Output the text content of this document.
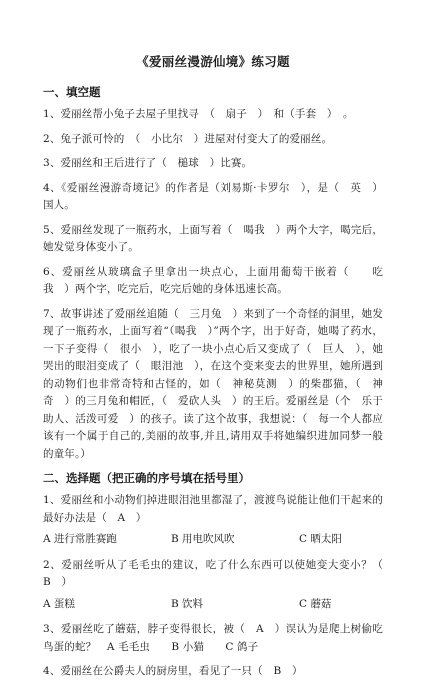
《爱丽丝漫游仙境》练习题
一、填空题
1、爱丽丝帮小兔子去屋子里找寻　（　扇子　）　和（手套　）　。
2、兔子派可怜的　（　小比尔　）进屋对付变大了的爱丽丝。
3、爱丽丝和王后进行了（　槌球　）比赛。
4、《爱丽丝漫游奇境记》的作者是（刘易斯·卡罗尔　），是（　英　）国人。
5、爱丽丝发现了一瓶药水，上面写着（　喝我　）两个大字，喝完后，她发觉身体变小了。
6、爱丽丝从玻璃盒子里拿出一块点心，上面用葡萄干嵌着（　　吃我　）两个字，吃完后，吃完后她的身体迅速长高。
7、故事讲述了爱丽丝追随（　三月兔　）来到了一个奇怪的洞里，她发现了一瓶药水，上面写着“（喝我　）”两个字，出于好奇，她喝了药水，一下子变得（　很小　），吃了一块小点心后又变成了（　巨人　），她哭出的眼泪变成了（　眼泪池　），在这个变来变去的世界里，她所遇到的动物们也非常奇特和古怪的，如（　神秘莫测　）的柴郡猫，（　神奇　）的三月兔和帽匠，（　爱砍人头　）的王后。爱丽丝是（个　乐于助人、活泼可爱　）的孩子。读了这个故事，我想说：（　每一个人都应该有一个属于自己的,美丽的故事,并且,请用双手将她编织进加同梦一般的童年。）
二、选择题（把正确的序号填在括号里）
1、爱丽丝和小动物们掉进眼泪池里都湿了，渡渡鸟说能让他们干起来的最好办法是（　A　）
A 进行常胜赛跑	B 用电吹风吹	C 晒太阳
2、爱丽丝听从了毛毛虫的建议，吃了什么东西可以使她变大变小？（　B　）
A 蛋糕	B 饮料	C 蘑菇
3、爱丽丝吃了蘑菇，脖子变得很长，被（　A　）误认为是爬上树偷吃鸟蛋的蛇？　A 毛毛虫　　B 小猫　　C 鸽子
4、爱丽丝在公爵夫人的厨房里，看见了一只（　B　）
